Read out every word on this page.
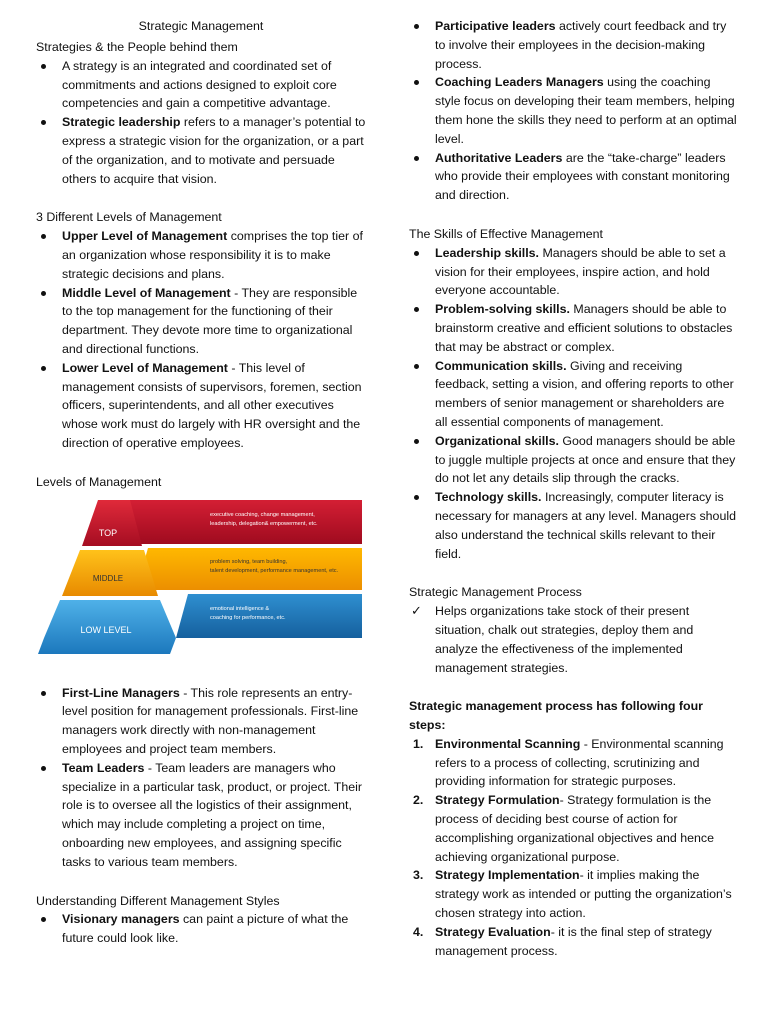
Strategic Management
Strategies & the People behind them
A strategy is an integrated and coordinated set of commitments and actions designed to exploit core competencies and gain a competitive advantage.
Strategic leadership refers to a manager’s potential to express a strategic vision for the organization, or a part of the organization, and to motivate and persuade others to acquire that vision.
3 Different Levels of Management
Upper Level of Management comprises the top tier of an organization whose responsibility it is to make strategic decisions and plans.
Middle Level of Management - They are responsible to the top management for the functioning of their department. They devote more time to organizational and directional functions.
Lower Level of Management - This level of management consists of supervisors, foremen, section officers, superintendents, and all other executives whose work must do largely with HR oversight and the direction of operative employees.
Levels of Management
TOP
MIDDLE
LOW LEVEL
executive coaching, change management,
leadership, delegation& empowerment, etc.
problem solving, team building,
talent development, performance management, etc.
emotional intelligence &
coaching for performance, etc.
First-Line Managers - This role represents an entry-level position for management professionals. First-line managers work directly with non-management employees and project team members.
Team Leaders - Team leaders are managers who specialize in a particular task, product, or project. Their role is to oversee all the logistics of their assignment, which may include completing a project on time, onboarding new employees, and assigning specific tasks to various team members.
Understanding Different Management Styles
Visionary managers can paint a picture of what the future could look like.
Participative leaders actively court feedback and try to involve their employees in the decision-making process.
Coaching Leaders Managers using the coaching style focus on developing their team members, helping them hone the skills they need to perform at an optimal level.
Authoritative Leaders are the “take-charge” leaders who provide their employees with constant monitoring and direction.
The Skills of Effective Management
Leadership skills. Managers should be able to set a vision for their employees, inspire action, and hold everyone accountable.
Problem-solving skills. Managers should be able to brainstorm creative and efficient solutions to obstacles that may be abstract or complex.
Communication skills. Giving and receiving feedback, setting a vision, and offering reports to other members of senior management or shareholders are all essential components of management.
Organizational skills. Good managers should be able to juggle multiple projects at once and ensure that they do not let any details slip through the cracks.
Technology skills. Increasingly, computer literacy is necessary for managers at any level. Managers should also understand the technical skills relevant to their field.
Strategic Management Process
✓ Helps organizations take stock of their present situation, chalk out strategies, deploy them and analyze the effectiveness of the implemented management strategies.
Strategic management process has following four steps:
1. Environmental Scanning - Environmental scanning refers to a process of collecting, scrutinizing and providing information for strategic purposes.
2. Strategy Formulation- Strategy formulation is the process of deciding best course of action for accomplishing organizational objectives and hence achieving organizational purpose.
3. Strategy Implementation- it implies making the strategy work as intended or putting the organization’s chosen strategy into action.
4. Strategy Evaluation- it is the final step of strategy management process.
